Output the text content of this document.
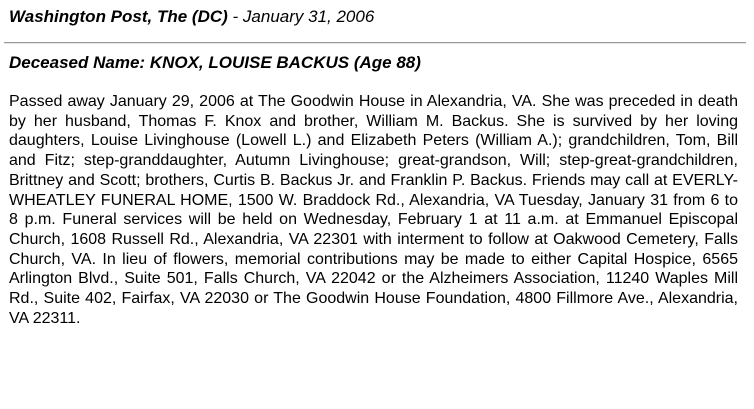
Washington Post, The (DC) - January 31, 2006
Deceased Name: KNOX, LOUISE BACKUS (Age 88)

Passed away January 29, 2006 at The Goodwin House in Alexandria, VA. She was preceded in death by her husband, Thomas F. Knox and brother, William M. Backus. She is survived by her loving daughters, Louise Livinghouse (Lowell L.) and Elizabeth Peters (William A.); grandchildren, Tom, Bill and Fitz; step-granddaughter, Autumn Livinghouse; great-grandson, Will; step-great-grandchildren, Brittney and Scott; brothers, Curtis B. Backus Jr. and Franklin P. Backus. Friends may call at EVERLY-WHEATLEY FUNERAL HOME, 1500 W. Braddock Rd., Alexandria, VA Tuesday, January 31 from 6 to 8 p.m. Funeral services will be held on Wednesday, February 1 at 11 a.m. at Emmanuel Episcopal Church, 1608 Russell Rd., Alexandria, VA 22301 with interment to follow at Oakwood Cemetery, Falls Church, VA. In lieu of flowers, memorial contributions may be made to either Capital Hospice, 6565 Arlington Blvd., Suite 501, Falls Church, VA 22042 or the Alzheimers Association, 11240 Waples Mill Rd., Suite 402, Fairfax, VA 22030 or The Goodwin House Foundation, 4800 Fillmore Ave., Alexandria, VA 22311.
